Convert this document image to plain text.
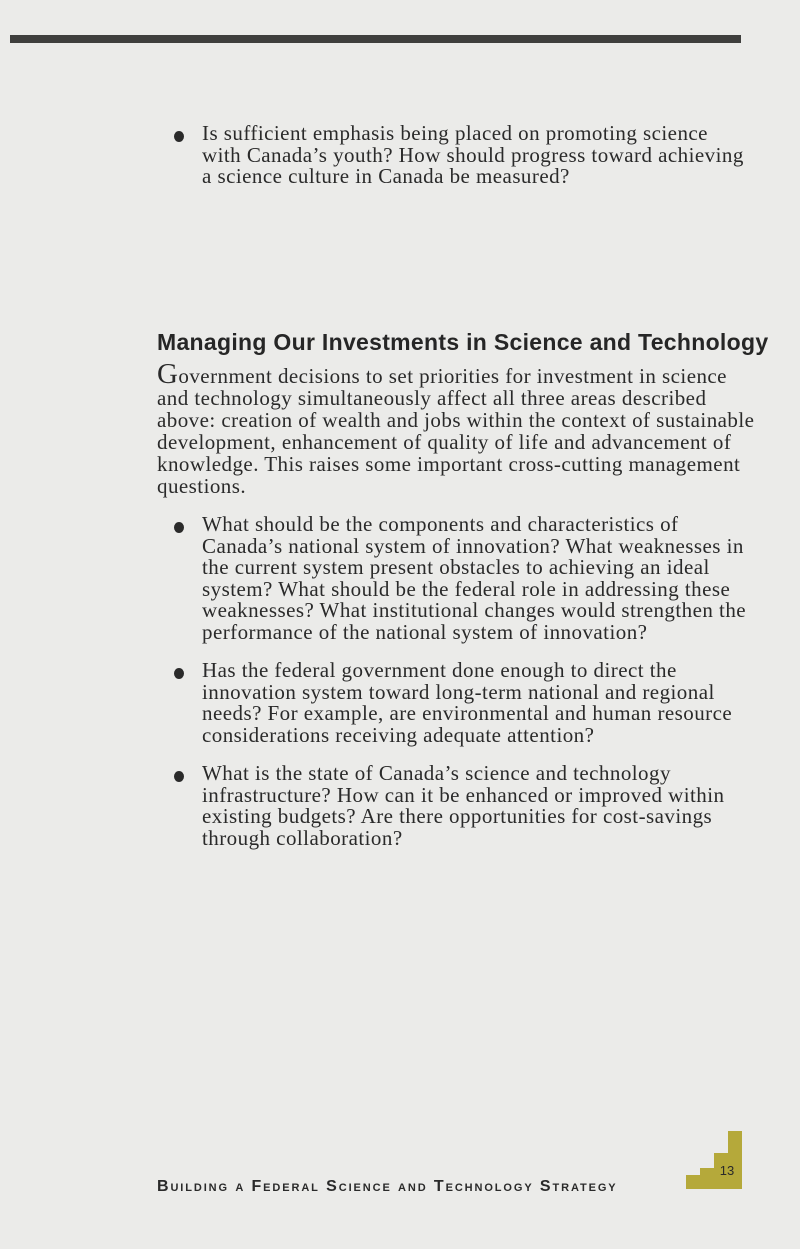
Is sufficient emphasis being placed on promoting science with Canada’s youth? How should progress toward achieving a science culture in Canada be measured?
Managing Our Investments in Science and Technology
Government decisions to set priorities for investment in science and technology simultaneously affect all three areas described above: creation of wealth and jobs within the context of sustainable development, enhancement of quality of life and advancement of knowledge. This raises some important cross-cutting management questions.
What should be the components and characteristics of Canada’s national system of innovation? What weaknesses in the current system present obstacles to achieving an ideal system? What should be the federal role in addressing these weaknesses? What institutional changes would strengthen the performance of the national system of innovation?
Has the federal government done enough to direct the innovation system toward long-term national and regional needs? For example, are environmental and human resource considerations receiving adequate attention?
What is the state of Canada’s science and technology infrastructure? How can it be enhanced or improved within existing budgets? Are there opportunities for cost-savings through collaboration?
Building a Federal Science and Technology Strategy
13
